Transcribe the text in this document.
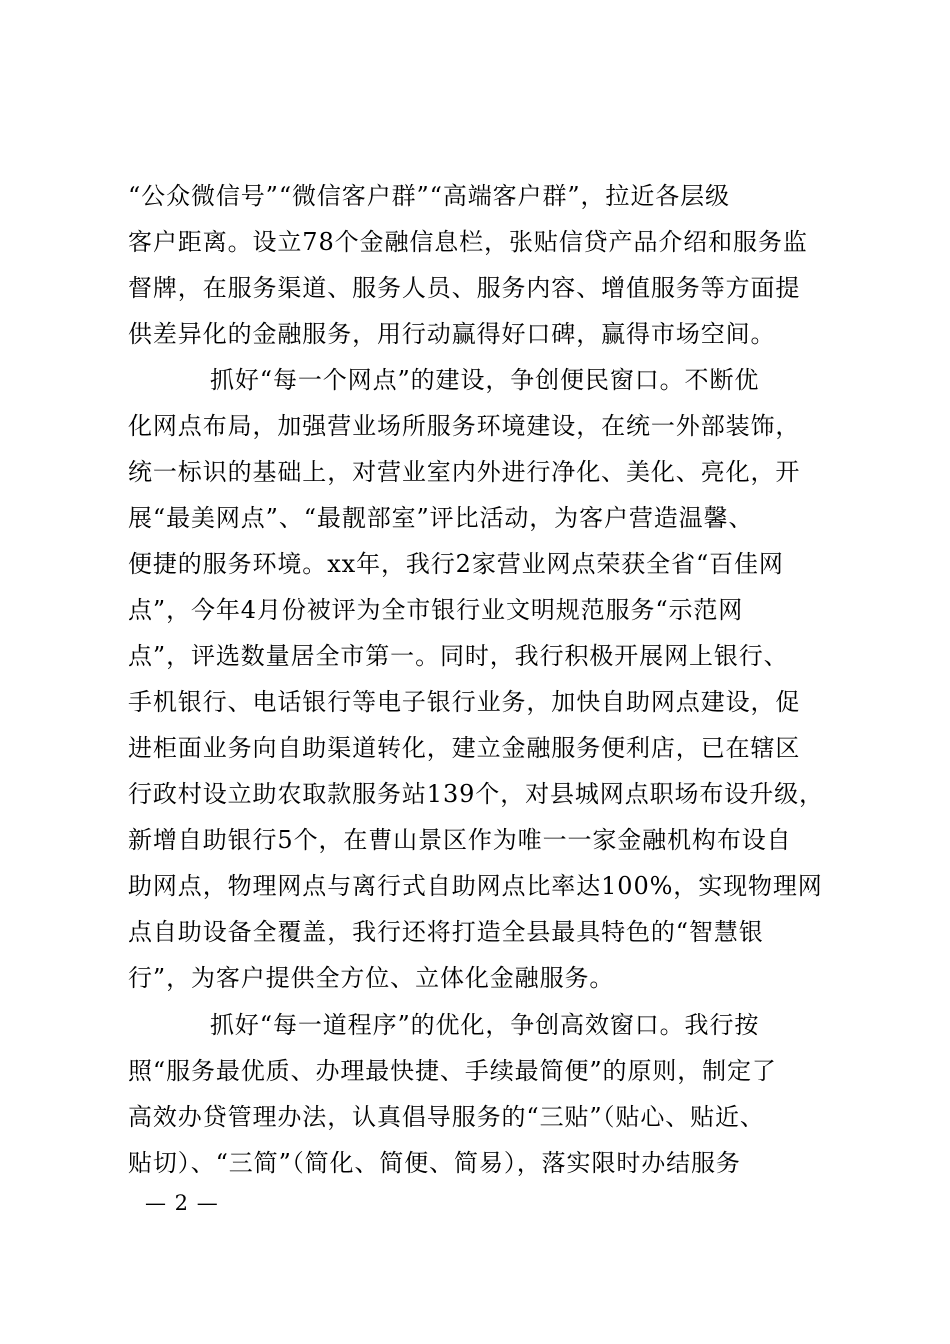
“公众微信号”“微信客户群”“高端客户群”，拉近各层级
客户距离。设立78个金融信息栏，张贴信贷产品介绍和服务监
督牌，在服务渠道、服务人员、服务内容、增值服务等方面提
供差异化的金融服务，用行动赢得好口碑，赢得市场空间。
抓好“每一个网点”的建设，争创便民窗口。不断优
化网点布局，加强营业场所服务环境建设，在统一外部装饰，
统一标识的基础上，对营业室内外进行净化、美化、亮化，开
展“最美网点”、“最靓部室”评比活动，为客户营造温馨、
便捷的服务环境。xx年，我行2家营业网点荣获全省“百佳网
点”，今年4月份被评为全市银行业文明规范服务“示范网
点”，评选数量居全市第一。同时，我行积极开展网上银行、
手机银行、电话银行等电子银行业务，加快自助网点建设，促
进柜面业务向自助渠道转化，建立金融服务便利店，已在辖区
行政村设立助农取款服务站139个，对县城网点职场布设升级，
新增自助银行5个，在曹山景区作为唯一一家金融机构布设自
助网点，物理网点与离行式自助网点比率达100%，实现物理网
点自助设备全覆盖，我行还将打造全县最具特色的“智慧银
行”，为客户提供全方位、立体化金融服务。
抓好“每一道程序”的优化，争创高效窗口。我行按
照“服务最优质、办理最快捷、手续最简便”的原则，制定了
高效办贷管理办法，认真倡导服务的“三贴”（贴心、贴近、
贴切）、“三简”（简化、简便、简易），落实限时办结服务
— 2 —
